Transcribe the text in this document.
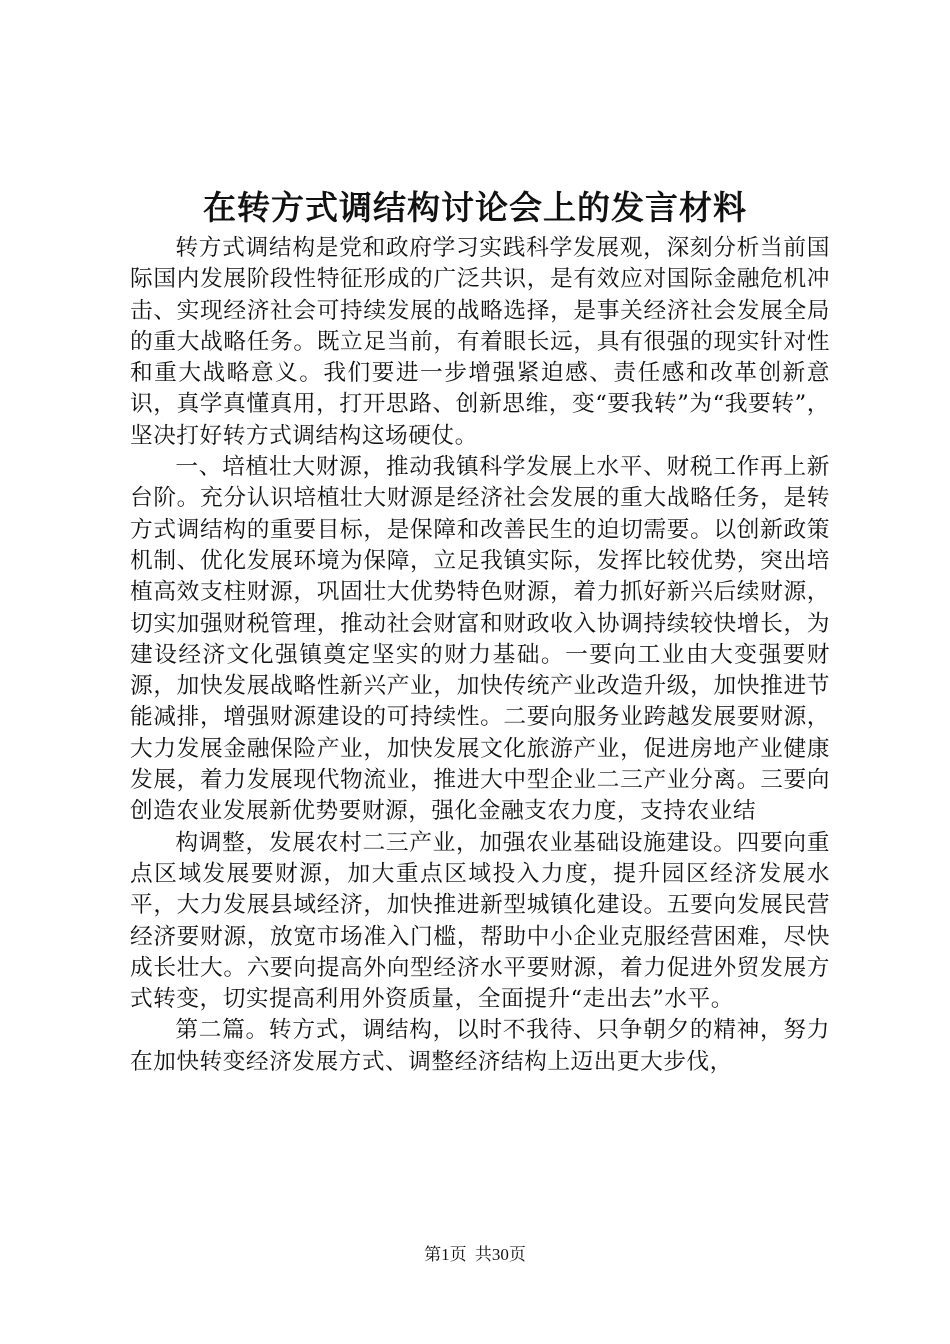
在转方式调结构讨论会上的发言材料

转方式调结构是党和政府学习实践科学发展观，深刻分析当前国际国内发展阶段性特征形成的广泛共识，是有效应对国际金融危机冲击、实现经济社会可持续发展的战略选择，是事关经济社会发展全局的重大战略任务。既立足当前，有着眼长远，具有很强的现实针对性和重大战略意义。我们要进一步增强紧迫感、责任感和改革创新意识，真学真懂真用，打开思路、创新思维，变“要我转”为“我要转”，坚决打好转方式调结构这场硬仗。

一、培植壮大财源，推动我镇科学发展上水平、财税工作再上新台阶。充分认识培植壮大财源是经济社会发展的重大战略任务，是转方式调结构的重要目标，是保障和改善民生的迫切需要。以创新政策机制、优化发展环境为保障，立足我镇实际，发挥比较优势，突出培植高效支柱财源，巩固壮大优势特色财源，着力抓好新兴后续财源，切实加强财税管理，推动社会财富和财政收入协调持续较快增长，为建设经济文化强镇奠定坚实的财力基础。一要向工业由大变强要财源，加快发展战略性新兴产业，加快传统产业改造升级，加快推进节能减排，增强财源建设的可持续性。二要向服务业跨越发展要财源，大力发展金融保险产业，加快发展文化旅游产业，促进房地产业健康发展，着力发展现代物流业，推进大中型企业二三产业分离。三要向创造农业发展新优势要财源，强化金融支农力度，支持农业结

构调整，发展农村二三产业，加强农业基础设施建设。四要向重点区域发展要财源，加大重点区域投入力度，提升园区经济发展水平，大力发展县域经济，加快推进新型城镇化建设。五要向发展民营经济要财源，放宽市场准入门槛，帮助中小企业克服经营困难，尽快成长壮大。六要向提高外向型经济水平要财源，着力促进外贸发展方式转变，切实提高利用外资质量，全面提升“走出去”水平。

第二篇。转方式，调结构，以时不我待、只争朝夕的精神，努力在加快转变经济发展方式、调整经济结构上迈出更大步伐，

第1页 共30页
